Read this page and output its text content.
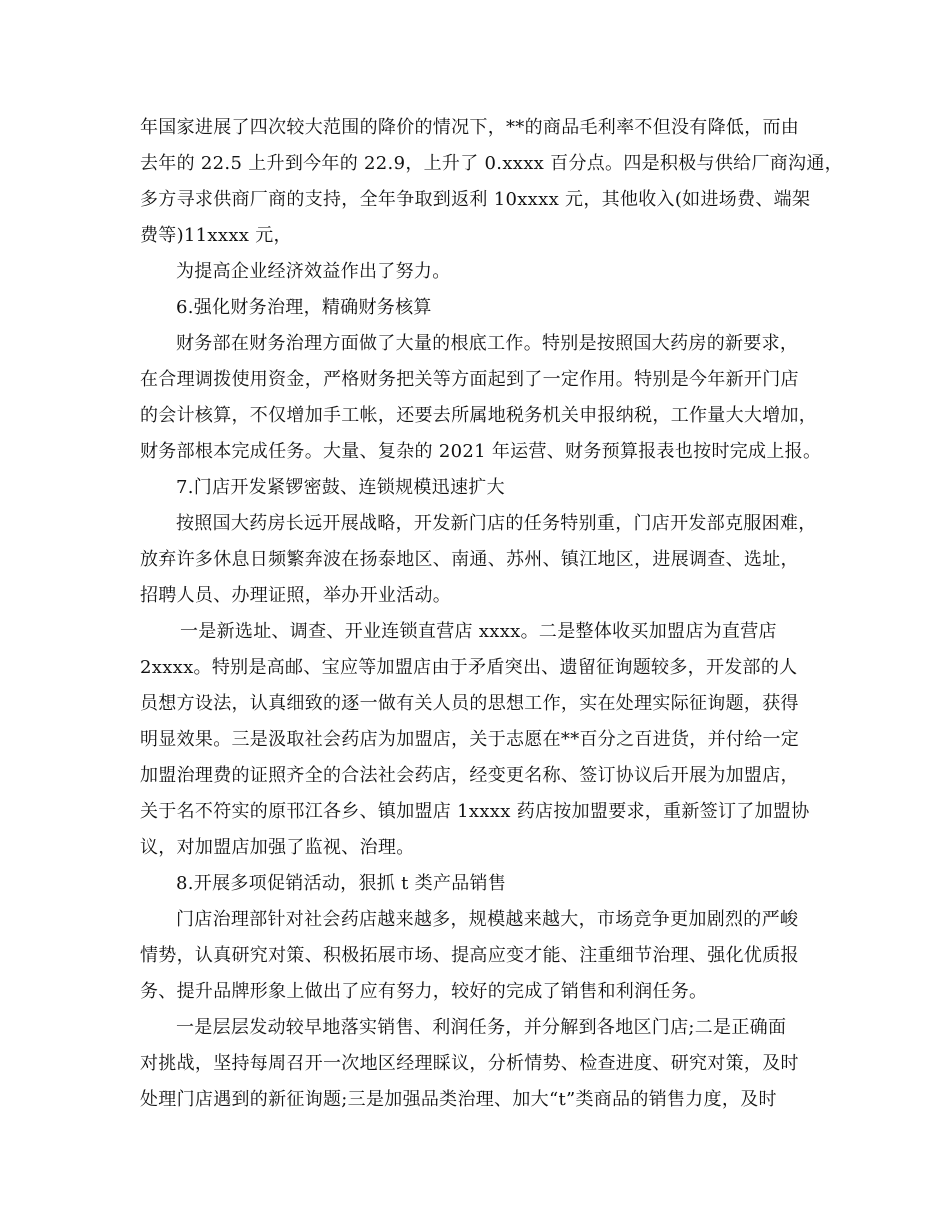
年国家进展了四次较大范围的降价的情况下，**的商品毛利率不但没有降低，而由
去年的 22.5 上升到今年的 22.9，上升了 0.xxxx 百分点。四是积极与供给厂商沟通，
多方寻求供商厂商的支持，全年争取到返利 10xxxx 元，其他收入(如进场费、端架
费等)11xxxx 元，
为提高企业经济效益作出了努力。
6.强化财务治理，精确财务核算
财务部在财务治理方面做了大量的根底工作。特别是按照国大药房的新要求，
在合理调拨使用资金，严格财务把关等方面起到了一定作用。特别是今年新开门店
的会计核算，不仅增加手工帐，还要去所属地税务机关申报纳税，工作量大大增加，
财务部根本完成任务。大量、复杂的 2021 年运营、财务预算报表也按时完成上报。
7.门店开发紧锣密鼓、连锁规模迅速扩大
按照国大药房长远开展战略，开发新门店的任务特别重，门店开发部克服困难，
放弃许多休息日频繁奔波在扬泰地区、南通、苏州、镇江地区，进展调查、选址，
招聘人员、办理证照，举办开业活动。
一是新选址、调查、开业连锁直营店 xxxx。二是整体收买加盟店为直营店
2xxxx。特别是高邮、宝应等加盟店由于矛盾突出、遗留征询题较多，开发部的人
员想方设法，认真细致的逐一做有关人员的思想工作，实在处理实际征询题，获得
明显效果。三是汲取社会药店为加盟店，关于志愿在**百分之百进货，并付给一定
加盟治理费的证照齐全的合法社会药店，经变更名称、签订协议后开展为加盟店，
关于名不符实的原邗江各乡、镇加盟店 1xxxx 药店按加盟要求，重新签订了加盟协
议，对加盟店加强了监视、治理。
8.开展多项促销活动，狠抓 t 类产品销售
门店治理部针对社会药店越来越多，规模越来越大，市场竞争更加剧烈的严峻
情势，认真研究对策、积极拓展市场、提高应变才能、注重细节治理、强化优质报
务、提升品牌形象上做出了应有努力，较好的完成了销售和利润任务。
一是层层发动较早地落实销售、利润任务，并分解到各地区门店;二是正确面
对挑战，坚持每周召开一次地区经理睬议，分析情势、检查进度、研究对策，及时
处理门店遇到的新征询题;三是加强品类治理、加大“t”类商品的销售力度，及时
